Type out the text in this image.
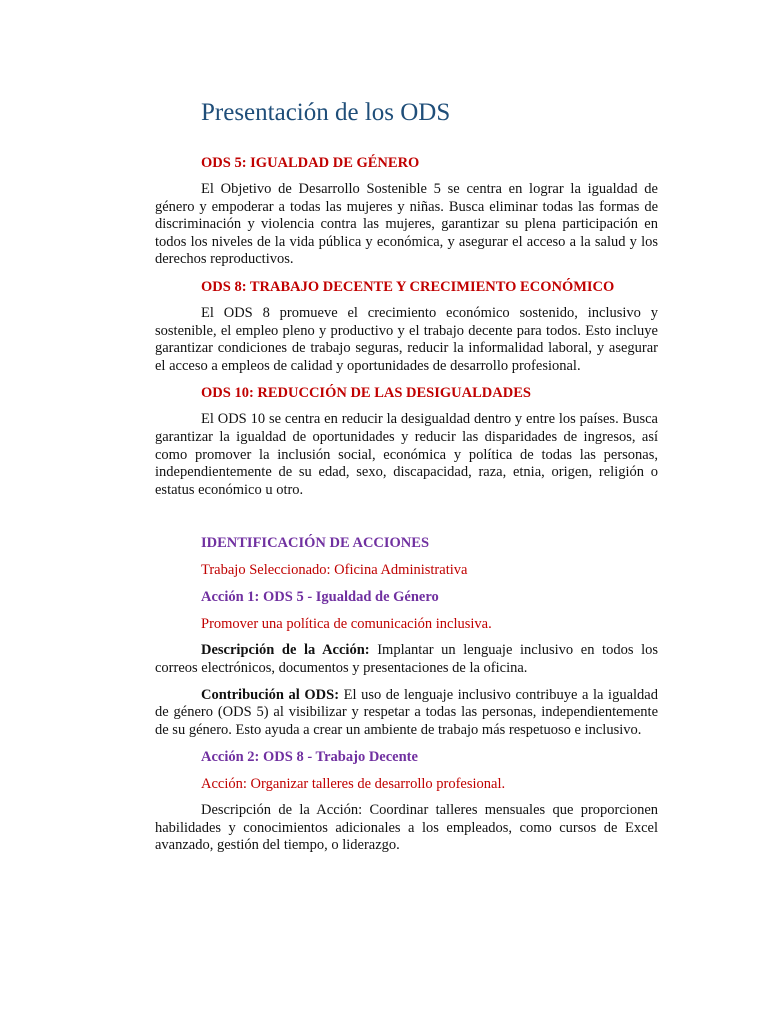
Presentación de los ODS
ODS 5: IGUALDAD DE GÉNERO

El Objetivo de Desarrollo Sostenible 5 se centra en lograr la igualdad de género y empoderar a todas las mujeres y niñas. Busca eliminar todas las formas de discriminación y violencia contra las mujeres, garantizar su plena participación en todos los niveles de la vida pública y económica, y asegurar el acceso a la salud y los derechos reproductivos.

ODS 8: TRABAJO DECENTE Y CRECIMIENTO ECONÓMICO

El ODS 8 promueve el crecimiento económico sostenido, inclusivo y sostenible, el empleo pleno y productivo y el trabajo decente para todos. Esto incluye garantizar condiciones de trabajo seguras, reducir la informalidad laboral, y asegurar el acceso a empleos de calidad y oportunidades de desarrollo profesional.

ODS 10: REDUCCIÓN DE LAS DESIGUALDADES

El ODS 10 se centra en reducir la desigualdad dentro y entre los países. Busca garantizar la igualdad de oportunidades y reducir las disparidades de ingresos, así como promover la inclusión social, económica y política de todas las personas, independientemente de su edad, sexo, discapacidad, raza, etnia, origen, religión o estatus económico u otro.

IDENTIFICACIÓN DE ACCIONES
Trabajo Seleccionado: Oficina Administrativa
Acción 1: ODS 5 - Igualdad de Género
Promover una política de comunicación inclusiva.

Descripción de la Acción: Implantar un lenguaje inclusivo en todos los correos electrónicos, documentos y presentaciones de la oficina.

Contribución al ODS: El uso de lenguaje inclusivo contribuye a la igualdad de género (ODS 5) al visibilizar y respetar a todas las personas, independientemente de su género. Esto ayuda a crear un ambiente de trabajo más respetuoso e inclusivo.

Acción 2: ODS 8 - Trabajo Decente
Acción: Organizar talleres de desarrollo profesional.

Descripción de la Acción: Coordinar talleres mensuales que proporcionen habilidades y conocimientos adicionales a los empleados, como cursos de Excel avanzado, gestión del tiempo, o liderazgo.
